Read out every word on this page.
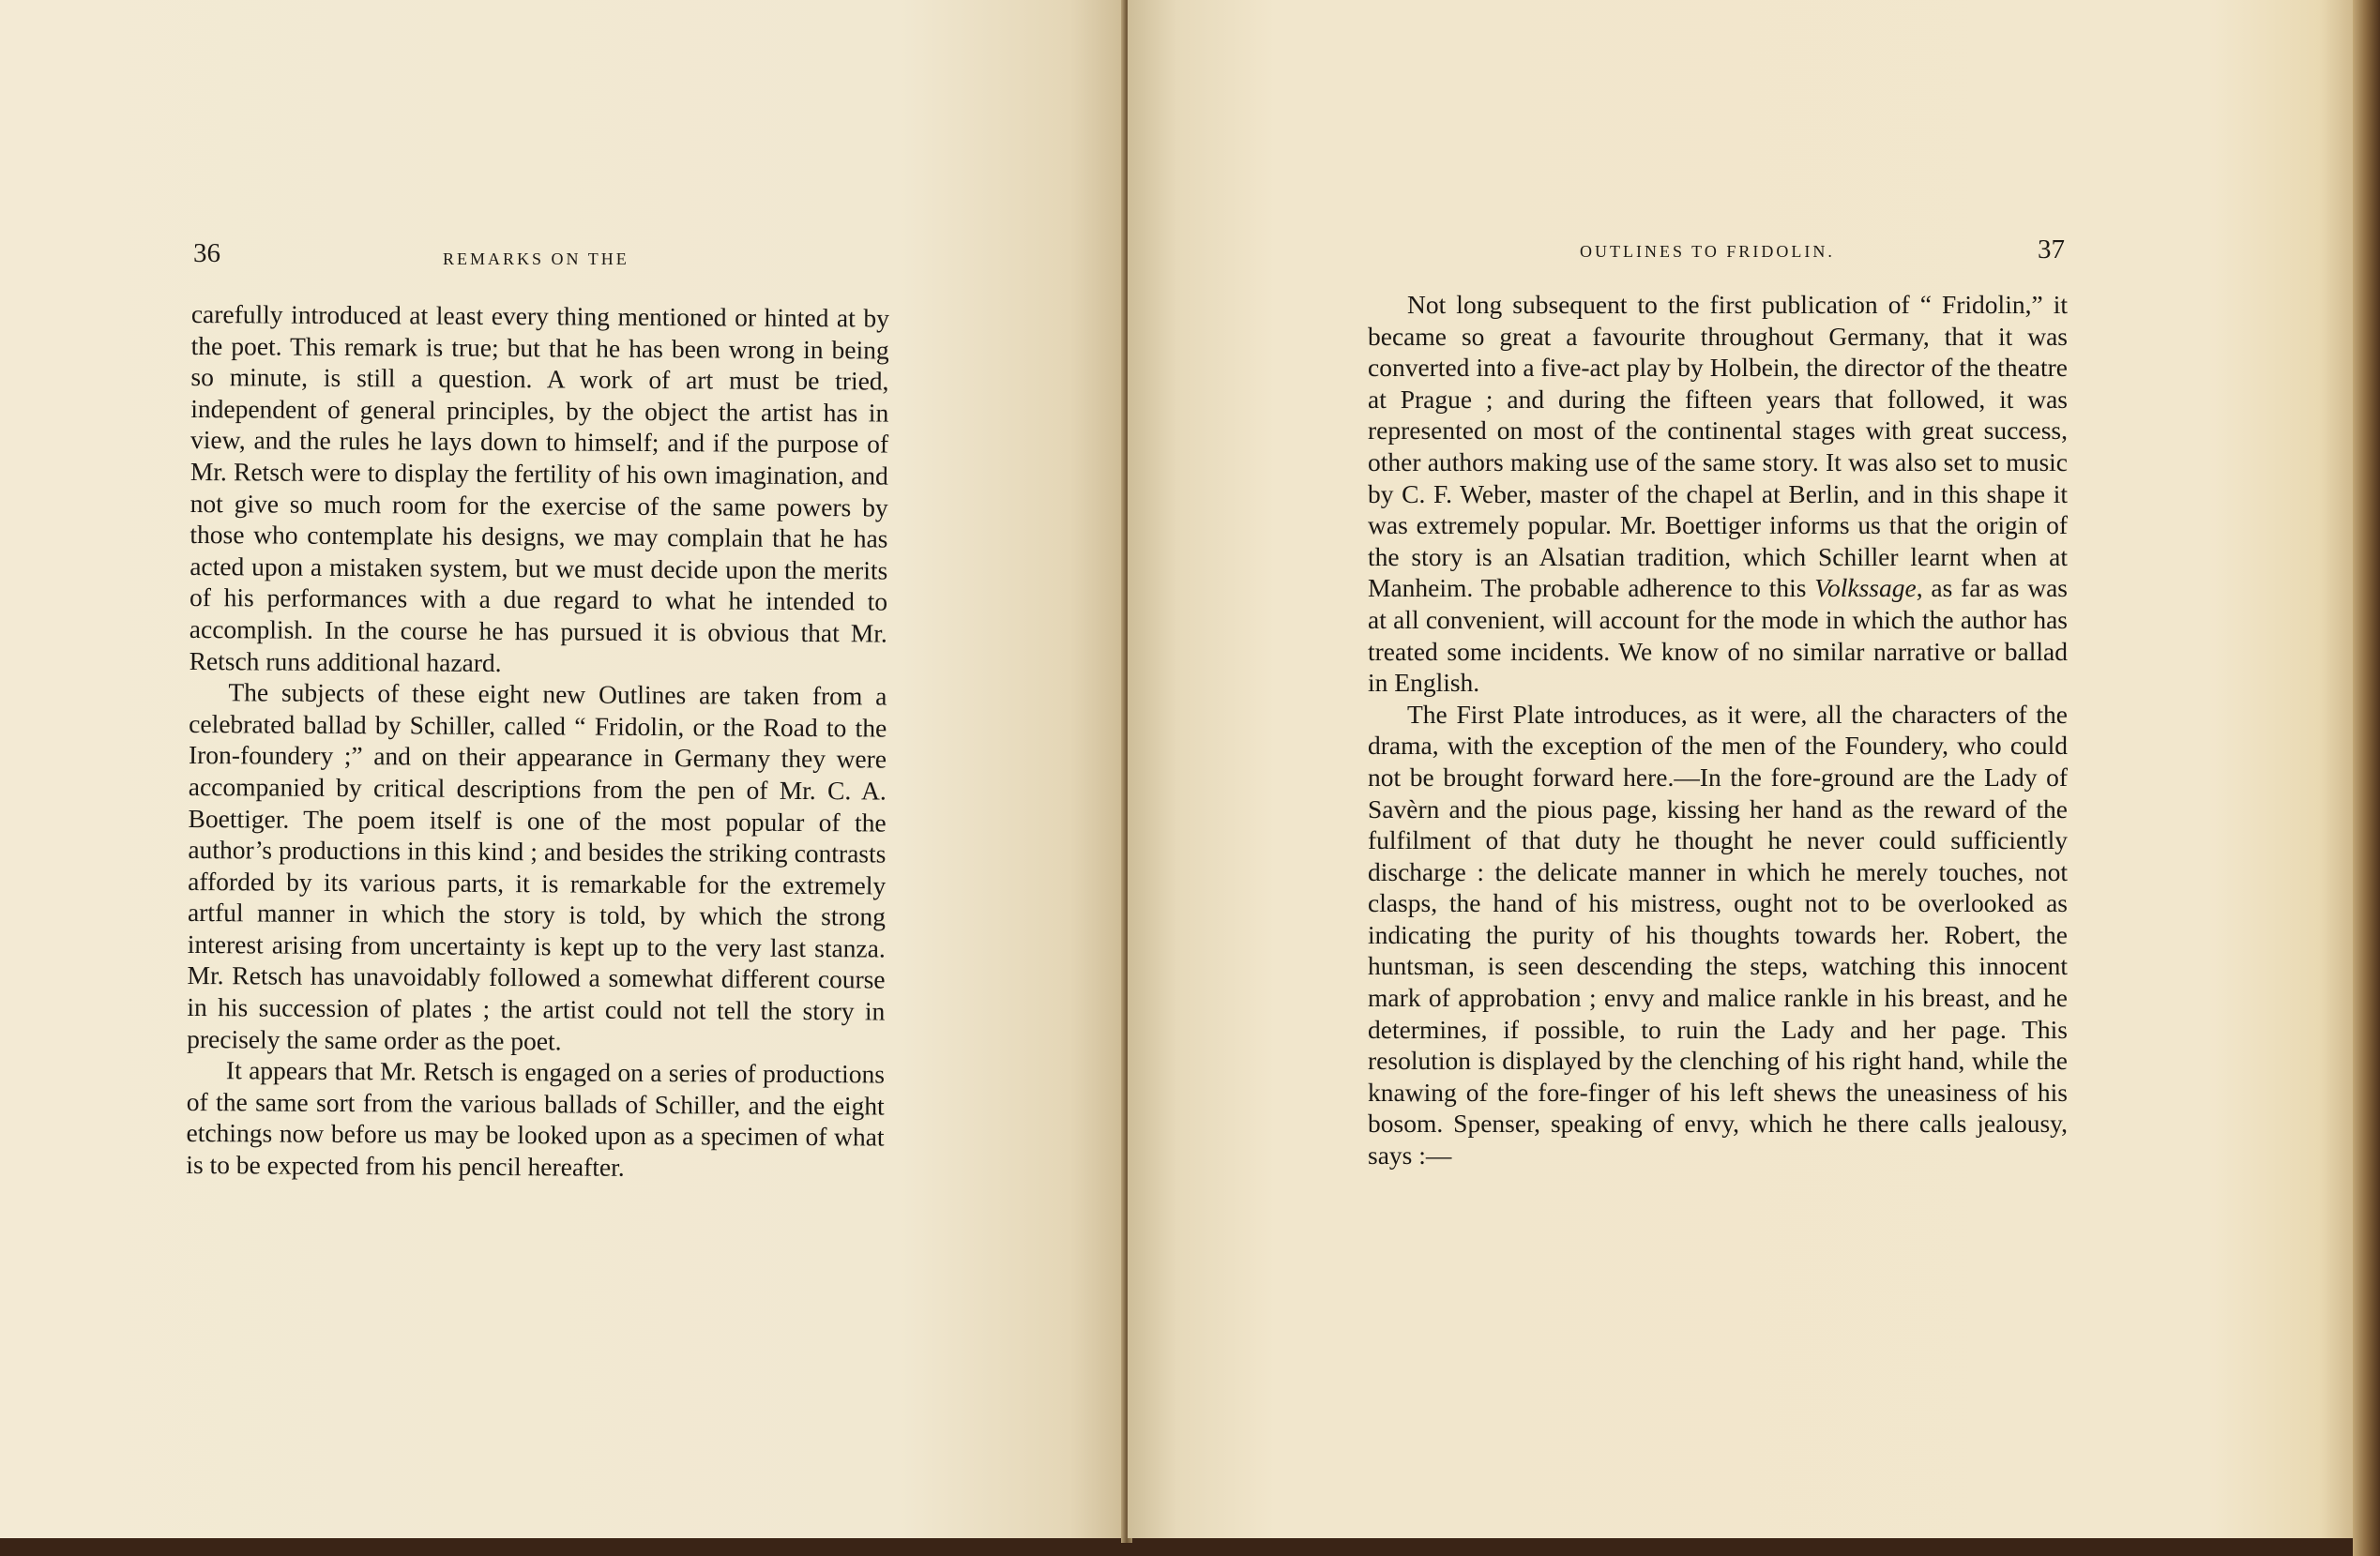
36	REMARKS ON THE

carefully introduced at least every thing mentioned or hinted at by the poet. This remark is true; but that he has been wrong in being so minute, is still a question. A work of art must be tried, independent of general principles, by the object the artist has in view, and the rules he lays down to himself; and if the purpose of Mr. Retsch were to display the fertility of his own imagination, and not give so much room for the exercise of the same powers by those who contemplate his designs, we may complain that he has acted upon a mistaken system, but we must decide upon the merits of his performances with a due regard to what he intended to accomplish. In the course he has pursued it is obvious that Mr. Retsch runs additional hazard.

The subjects of these eight new Outlines are taken from a celebrated ballad by Schiller, called “ Fridolin, or the Road to the Iron-foundery ;” and on their appearance in Germany they were accompanied by critical descriptions from the pen of Mr. C. A. Boettiger. The poem itself is one of the most popular of the author’s productions in this kind ; and besides the striking contrasts afforded by its various parts, it is remarkable for the extremely artful manner in which the story is told, by which the strong interest arising from uncertainty is kept up to the very last stanza. Mr. Retsch has unavoidably followed a somewhat different course in his succession of plates ; the artist could not tell the story in precisely the same order as the poet.

It appears that Mr. Retsch is engaged on a series of productions of the same sort from the various ballads of Schiller, and the eight etchings now before us may be looked upon as a specimen of what is to be expected from his pencil hereafter.

OUTLINES TO FRIDOLIN.	37

Not long subsequent to the first publication of “ Fridolin,” it became so great a favourite throughout Germany, that it was converted into a five-act play by Holbein, the director of the theatre at Prague ; and during the fifteen years that followed, it was represented on most of the continental stages with great success, other authors making use of the same story. It was also set to music by C. F. Weber, master of the chapel at Berlin, and in this shape it was extremely popular. Mr. Boettiger informs us that the origin of the story is an Alsatian tradition, which Schiller learnt when at Manheim. The probable adherence to this Volkssage, as far as was at all convenient, will account for the mode in which the author has treated some incidents. We know of no similar narrative or ballad in English.

The First Plate introduces, as it were, all the characters of the drama, with the exception of the men of the Foundery, who could not be brought forward here.—In the fore-ground are the Lady of Savèrn and the pious page, kissing her hand as the reward of the fulfilment of that duty he thought he never could sufficiently discharge : the delicate manner in which he merely touches, not clasps, the hand of his mistress, ought not to be overlooked as indicating the purity of his thoughts towards her. Robert, the huntsman, is seen descending the steps, watching this innocent mark of approbation ; envy and malice rankle in his breast, and he determines, if possible, to ruin the Lady and her page. This resolution is displayed by the clenching of his right hand, while the knawing of the fore-finger of his left shews the uneasiness of his bosom. Spenser, speaking of envy, which he there calls jealousy, says :—
